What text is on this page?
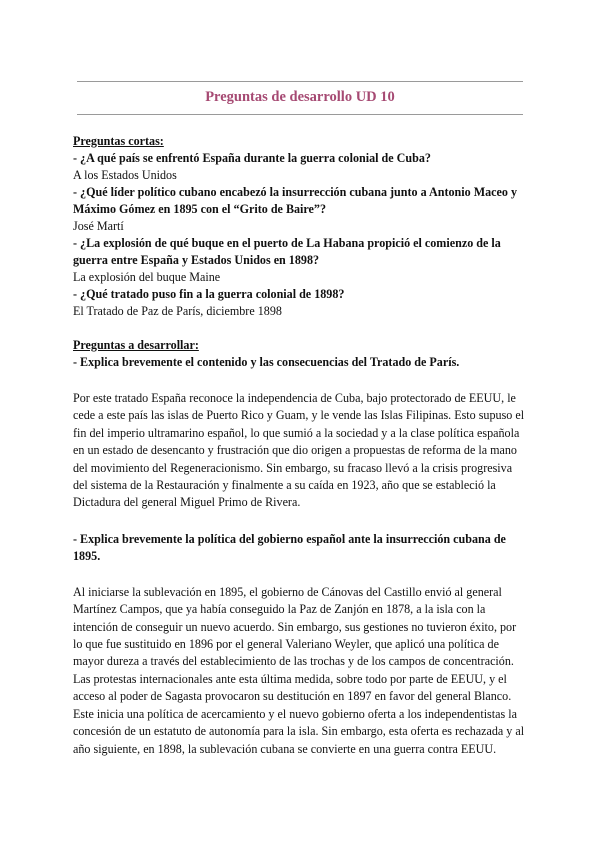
Preguntas de desarrollo UD 10

Preguntas cortas:

- ¿A qué país se enfrentó España durante la guerra colonial de Cuba?

A los Estados Unidos

- ¿Qué líder político cubano encabezó la insurrección cubana junto a Antonio Maceo y Máximo Gómez en 1895 con el “Grito de Baire”?

José Martí

- ¿La explosión de qué buque en el puerto de La Habana propició el comienzo de la guerra entre España y Estados Unidos en 1898?

La explosión del buque Maine

- ¿Qué tratado puso fin a la guerra colonial de 1898?

El Tratado de Paz de París, diciembre 1898

Preguntas a desarrollar:

- Explica brevemente el contenido y las consecuencias del Tratado de París.

Por este tratado España reconoce la independencia de Cuba, bajo protectorado de EEUU, le cede a este país las islas de Puerto Rico y Guam, y le vende las Islas Filipinas. Esto supuso el fin del imperio ultramarino español, lo que sumió a la sociedad y a la clase política española en un estado de desencanto y frustración que dio origen a propuestas de reforma de la mano del movimiento del Regeneracionismo. Sin embargo, su fracaso llevó a la crisis progresiva del sistema de la Restauración y finalmente a su caída en 1923, año que se estableció la Dictadura del general Miguel Primo de Rivera.

- Explica brevemente la política del gobierno español ante la insurrección cubana de 1895.

Al iniciarse la sublevación en 1895, el gobierno de Cánovas del Castillo envió al general Martínez Campos, que ya había conseguido la Paz de Zanjón en 1878, a la isla con la intención de conseguir un nuevo acuerdo. Sin embargo, sus gestiones no tuvieron éxito, por lo que fue sustituido en 1896 por el general Valeriano Weyler, que aplicó una política de mayor dureza a través del establecimiento de las trochas y de los campos de concentración. Las protestas internacionales ante esta última medida, sobre todo por parte de EEUU, y el acceso al poder de Sagasta provocaron su destitución en 1897 en favor del general Blanco. Este inicia una política de acercamiento y el nuevo gobierno oferta a los independentistas la concesión de un estatuto de autonomía para la isla. Sin embargo, esta oferta es rechazada y al año siguiente, en 1898, la sublevación cubana se convierte en una guerra contra EEUU.
